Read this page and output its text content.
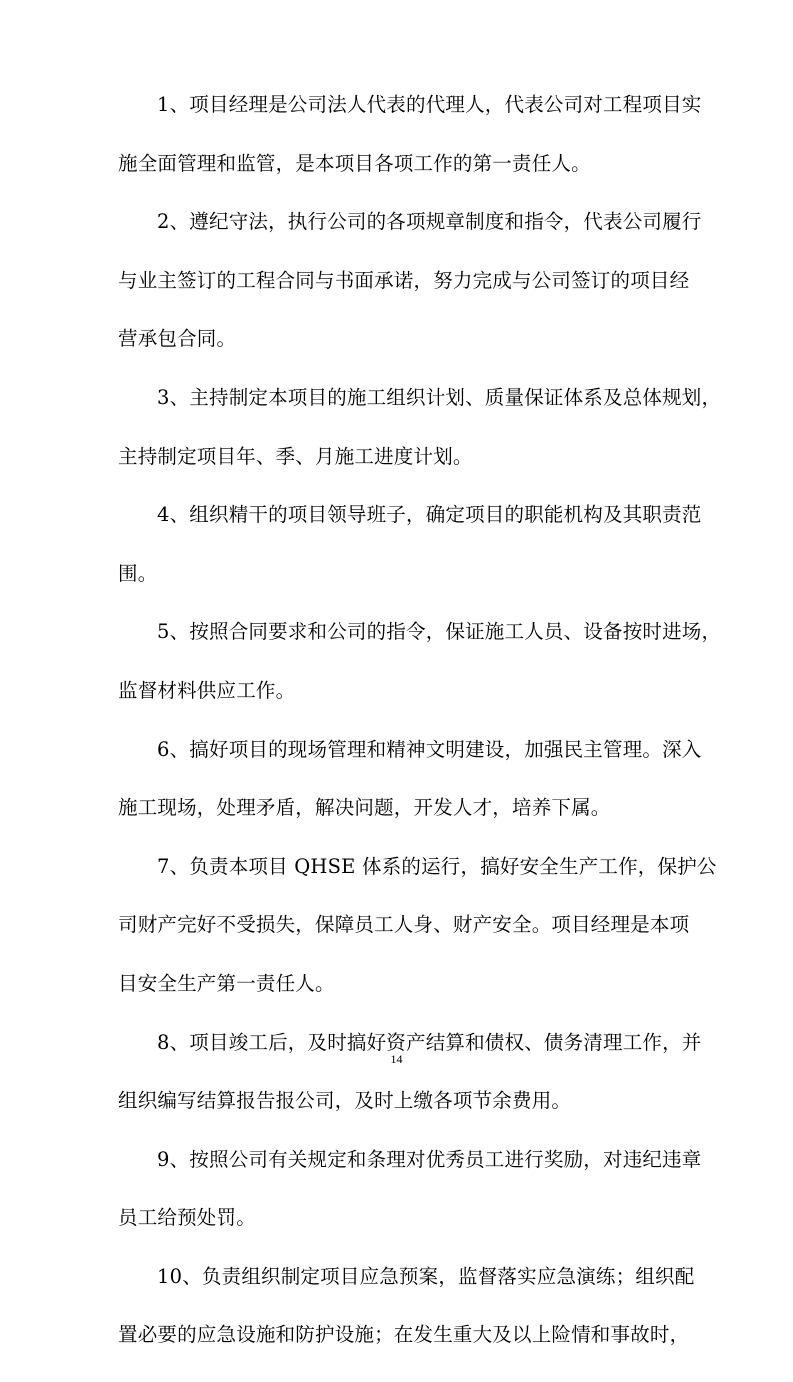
1、项目经理是公司法人代表的代理人，代表公司对工程项目实
施全面管理和监管，是本项目各项工作的第一责任人。
2、遵纪守法，执行公司的各项规章制度和指令，代表公司履行
与业主签订的工程合同与书面承诺，努力完成与公司签订的项目经
营承包合同。
3、主持制定本项目的施工组织计划、质量保证体系及总体规划，
主持制定项目年、季、月施工进度计划。
4、组织精干的项目领导班子，确定项目的职能机构及其职责范
围。
5、按照合同要求和公司的指令，保证施工人员、设备按时进场，
监督材料供应工作。
6、搞好项目的现场管理和精神文明建设，加强民主管理。深入
施工现场，处理矛盾，解决问题，开发人才，培养下属。
7、负责本项目 QHSE 体系的运行，搞好安全生产工作，保护公
司财产完好不受损失，保障员工人身、财产安全。项目经理是本项
目安全生产第一责任人。
8、项目竣工后，及时搞好资产结算和债权、债务清理工作，并
组织编写结算报告报公司，及时上缴各项节余费用。
9、按照公司有关规定和条理对优秀员工进行奖励，对违纪违章
员工给预处罚。
10、负责组织制定项目应急预案，监督落实应急演练；组织配
置必要的应急设施和防护设施；在发生重大及以上险情和事故时，
14
